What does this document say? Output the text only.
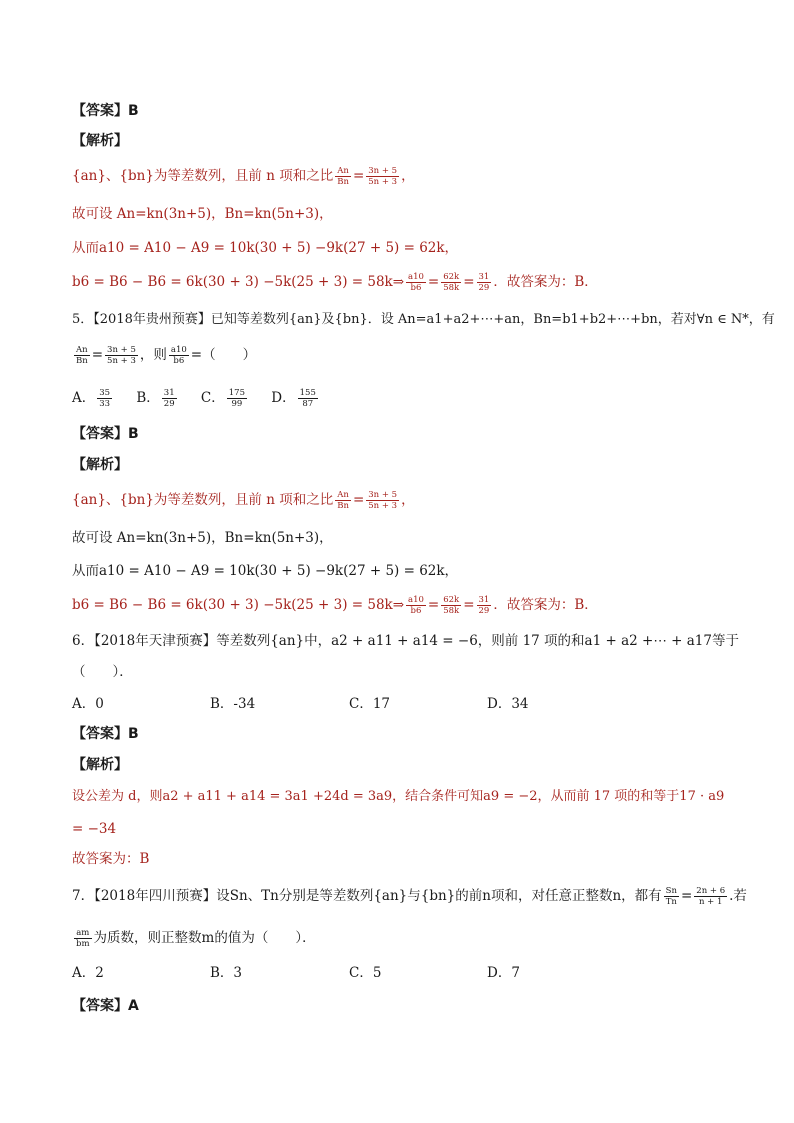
【答案】B
【解析】
{an}、{bn}为等差数列，且前 n 项和之比 $\frac{An}{Bn} = \frac{3n + 5}{5n + 3}$ ，
故可设 An=kn(3n+5)，Bn=kn(5n+3)，
从而a10 = A10 − A9 = 10k(30 + 5) −9k(27 + 5) = 62k，
b6 = B6 − B6 = 6k(30 + 3) −5k(25 + 3) = 58k⇒ $\frac{a10}{b6} = \frac{62k}{58k} = \frac{31}{29}$ ．故答案为：B．
5．【2018年贵州预赛】已知等差数列{an}及{bn}．设 An=a1+a2+⋯+an，Bn=b1+b2+⋯+bn，若对∀n ∈ N*，有
$\frac{An}{Bn} = \frac{3n + 5}{5n + 3}$ ，则 $\frac{a10}{b6}$ =（　　）
A． $\frac{35}{33}$ B． $\frac{31}{29}$ C． $\frac{175}{99}$ D． $\frac{155}{87}$
【答案】B
【解析】
{an}、{bn}为等差数列，且前 n 项和之比 $\frac{An}{Bn} = \frac{3n + 5}{5n + 3}$ ，
故可设 An=kn(3n+5)，Bn=kn(5n+3)，
从而a10 = A10 − A9 = 10k(30 + 5) −9k(27 + 5) = 62k，
b6 = B6 − B6 = 6k(30 + 3) −5k(25 + 3) = 58k⇒ $\frac{a10}{b6} = \frac{62k}{58k} = \frac{31}{29}$ ．故答案为：B．
6．【2018年天津预赛】等差数列{an}中，a2 + a11 + a14 = −6，则前 17 项的和a1 + a2 +⋯ + a17等于
（　　）．
A．0	B．-34	C．17	D．34
【答案】B
【解析】
设公差为 d，则a2 + a11 + a14 = 3a1 +24d = 3a9，结合条件可知a9 = −2，从而前 17 项的和等于17 · a9
= −34
故答案为：B
7．【2018年四川预赛】设Sn、Tn分别是等差数列{an}与{bn}的前n项和，对任意正整数n，都有 $\frac{Sn}{Tn} = \frac{2n + 6}{n + 1}$ .若
$\frac{am}{bm}$ 为质数，则正整数m的值为（　　）．
A．2	B．3	C．5	D．7
【答案】A
